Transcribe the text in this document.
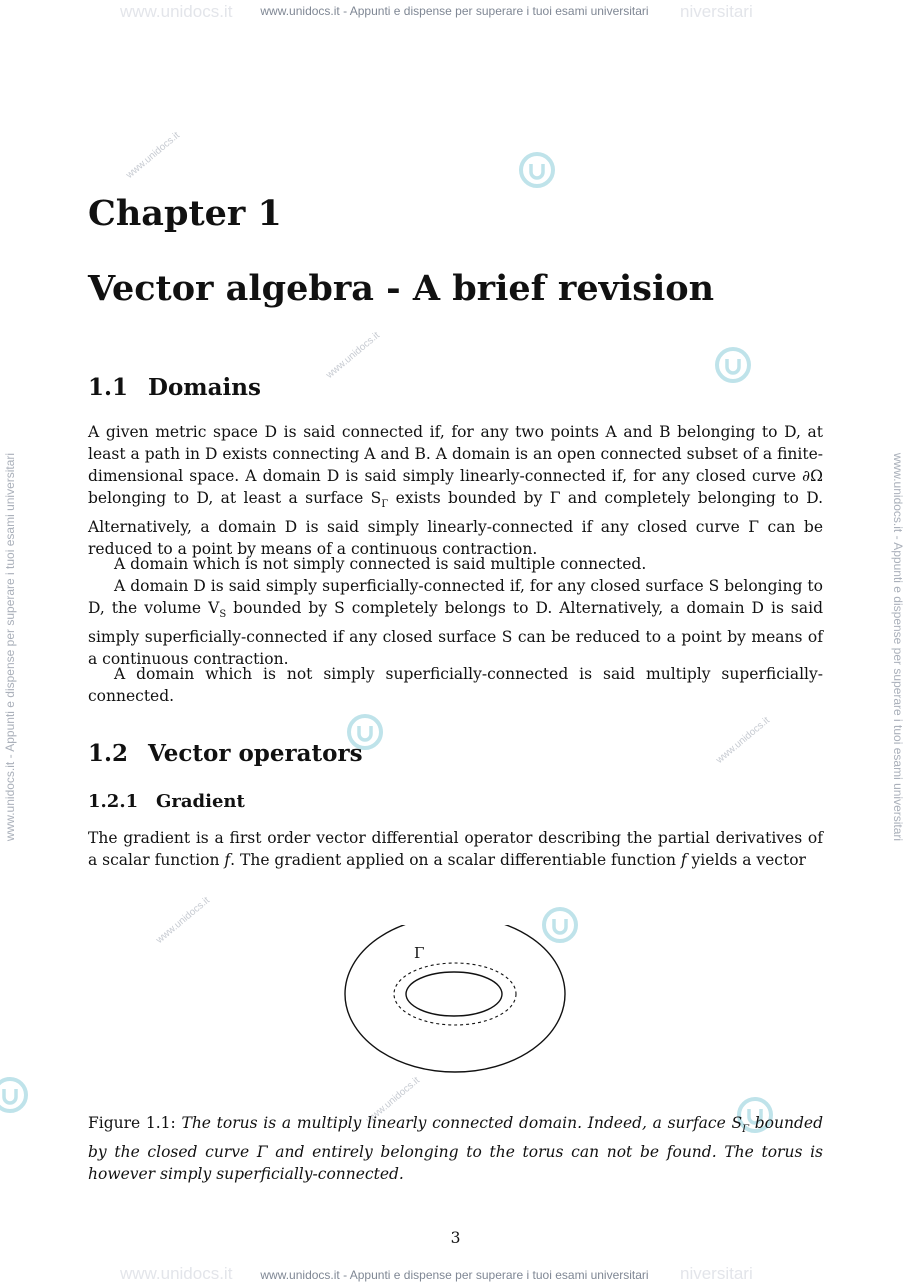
www.unidocs.it - Appunti e dispense per superare i tuoi esami universitari
www.unidocs.it - Appunti e dispense per superare i tuoi esami universitari
www.unidocs.it	niversitari
www.unidocs.it	niversitari
www.unidocs.it - Appunti e dispense per superare i tuoi esami universitari	www.unidocs.it - Appunti e dispense per superare i tuoi esami universitari
www.unidocs.it
www.unidocs.it
www.unidocs.it
www.unidocs.it
www.unidocs.it
Chapter 1
Vector algebra - A brief revision
1.1 Domains
A given metric space D is said connected if, for any two points A and B belonging to D, at least a path in D exists connecting A and B. A domain is an open connected subset of a finite-dimensional space. A domain D is said simply linearly-connected if, for any closed curve ∂Ω belonging to D, at least a surface $S_\Gamma$ exists bounded by Γ and completely belonging to D. Alternatively, a domain D is said simply linearly-connected if any closed curve Γ can be reduced to a point by means of a continuous contraction.
A domain which is not simply connected is said multiple connected.
A domain D is said simply superficially-connected if, for any closed surface S belonging to D, the volume $V_S$ bounded by S completely belongs to D. Alternatively, a domain D is said simply superficially-connected if any closed surface S can be reduced to a point by means of a continuous contraction.
A domain which is not simply superficially-connected is said multiply superficially-connected.
1.2 Vector operators
1.2.1 Gradient
The gradient is a first order vector differential operator describing the partial derivatives of a scalar function f. The gradient applied on a scalar differentiable function f yields a vector
Figure 1.1: The torus is a multiply linearly connected domain. Indeed, a surface $S_\Gamma$ bounded by the closed curve Γ and entirely belonging to the torus can not be found. The torus is however simply superficially-connected.
3
Γ
